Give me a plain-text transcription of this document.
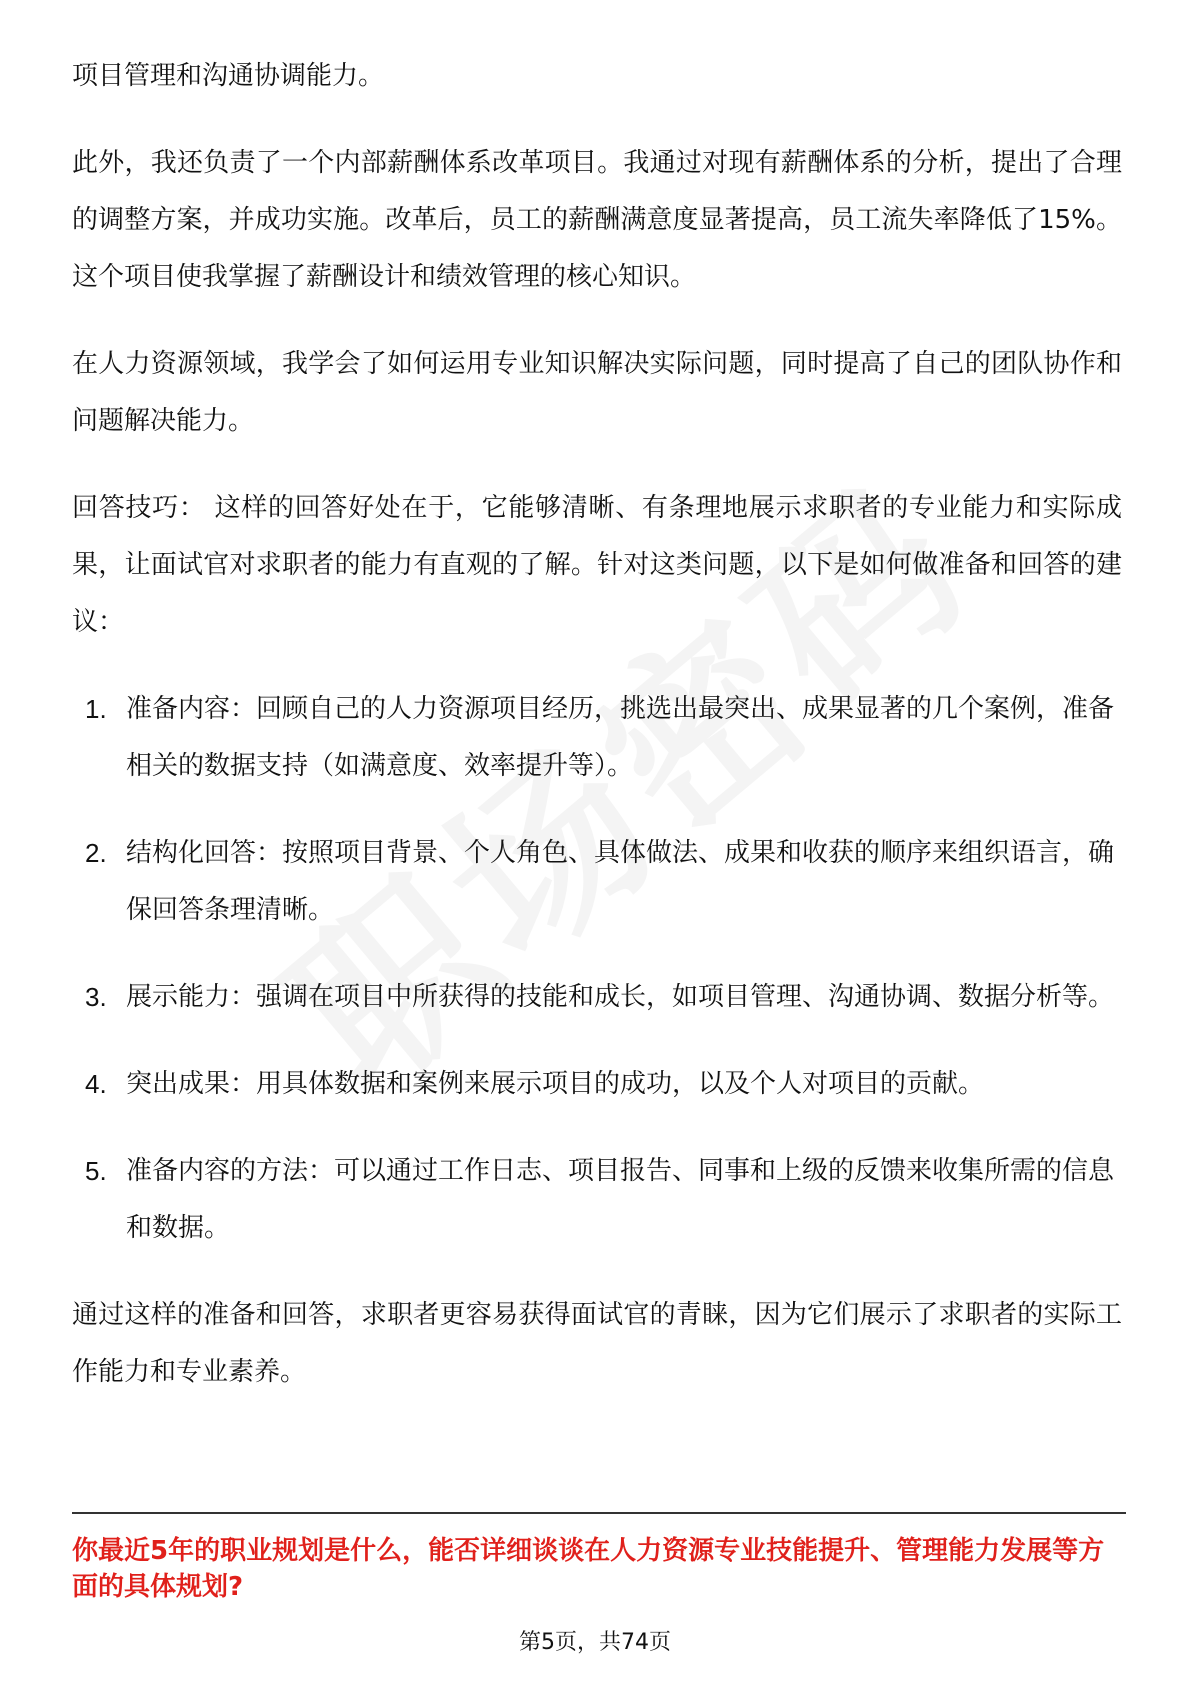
项目管理和沟通协调能力。

此外，我还负责了一个内部薪酬体系改革项目。我通过对现有薪酬体系的分析，提出了合理的调整方案，并成功实施。改革后，员工的薪酬满意度显著提高，员工流失率降低了15%。这个项目使我掌握了薪酬设计和绩效管理的核心知识。

在人力资源领域，我学会了如何运用专业知识解决实际问题，同时提高了自己的团队协作和问题解决能力。

回答技巧： 这样的回答好处在于，它能够清晰、有条理地展示求职者的专业能力和实际成果，让面试官对求职者的能力有直观的了解。针对这类问题，以下是如何做准备和回答的建议：

1. 准备内容：回顾自己的人力资源项目经历，挑选出最突出、成果显著的几个案例，准备相关的数据支持（如满意度、效率提升等）。
2. 结构化回答：按照项目背景、个人角色、具体做法、成果和收获的顺序来组织语言，确保回答条理清晰。
3. 展示能力：强调在项目中所获得的技能和成长，如项目管理、沟通协调、数据分析等。
4. 突出成果：用具体数据和案例来展示项目的成功，以及个人对项目的贡献。
5. 准备内容的方法：可以通过工作日志、项目报告、同事和上级的反馈来收集所需的信息和数据。

通过这样的准备和回答，求职者更容易获得面试官的青睐，因为它们展示了求职者的实际工作能力和专业素养。

你最近5年的职业规划是什么，能否详细谈谈在人力资源专业技能提升、管理能力发展等方面的具体规划?

第5页，共74页
